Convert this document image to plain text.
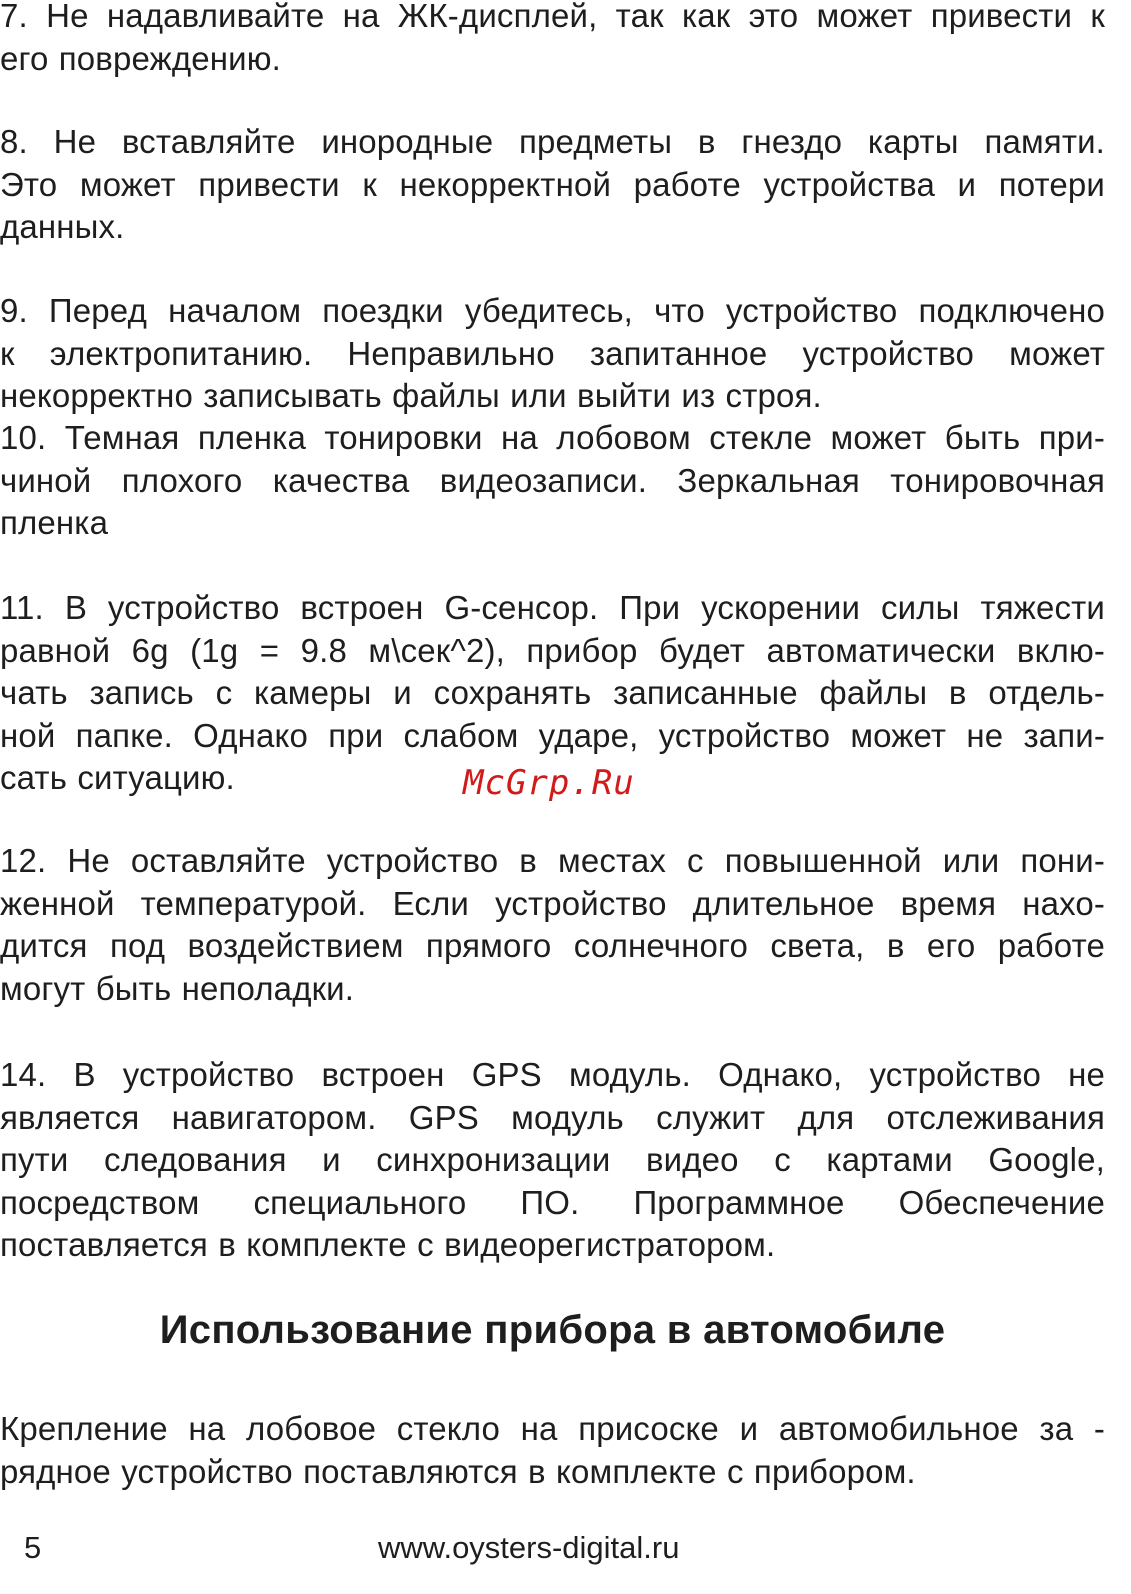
7. Не надавливайте на ЖК-дисплей, так как это может привести к
его повреждению.
8. Не вставляйте инородные предметы в гнездо карты памяти.
Это может привести к некорректной работе устройства и потери
данных.
9. Перед началом поездки убедитесь, что устройство подключено
к электропитанию. Неправильно запитанное устройство может
некорректно записывать файлы или выйти из строя.
10. Темная пленка тонировки на лобовом стекле может быть при-
чиной плохого качества видеозаписи. Зеркальная тонировочная
пленка
11. В устройство встроен G-сенсор. При ускорении силы тяжести
равной 6g (1g = 9.8 м\сек^2), прибор будет автоматически вклю-
чать запись с камеры и сохранять записанные файлы в отдель-
ной папке. Однако при слабом ударе, устройство может не запи-
сать ситуацию.	McGrp.Ru
12. Не оставляйте устройство в местах с повышенной или пони-
женной температурой. Если устройство длительное время нахо-
дится под воздействием прямого солнечного света, в его работе
могут быть неполадки.
14. В устройство встроен GPS модуль. Однако, устройство не
является навигатором. GPS модуль служит для отслеживания
пути следования и синхронизации видео с картами Google,
посредством специального ПО. Программное Обеспечение
поставляется в комплекте с видеорегистратором.
Использование прибора в автомобиле
Крепление на лобовое стекло на присоске и автомобильное за -
рядное устройство поставляются в комплекте с прибором.
5	www.oysters-digital.ru
